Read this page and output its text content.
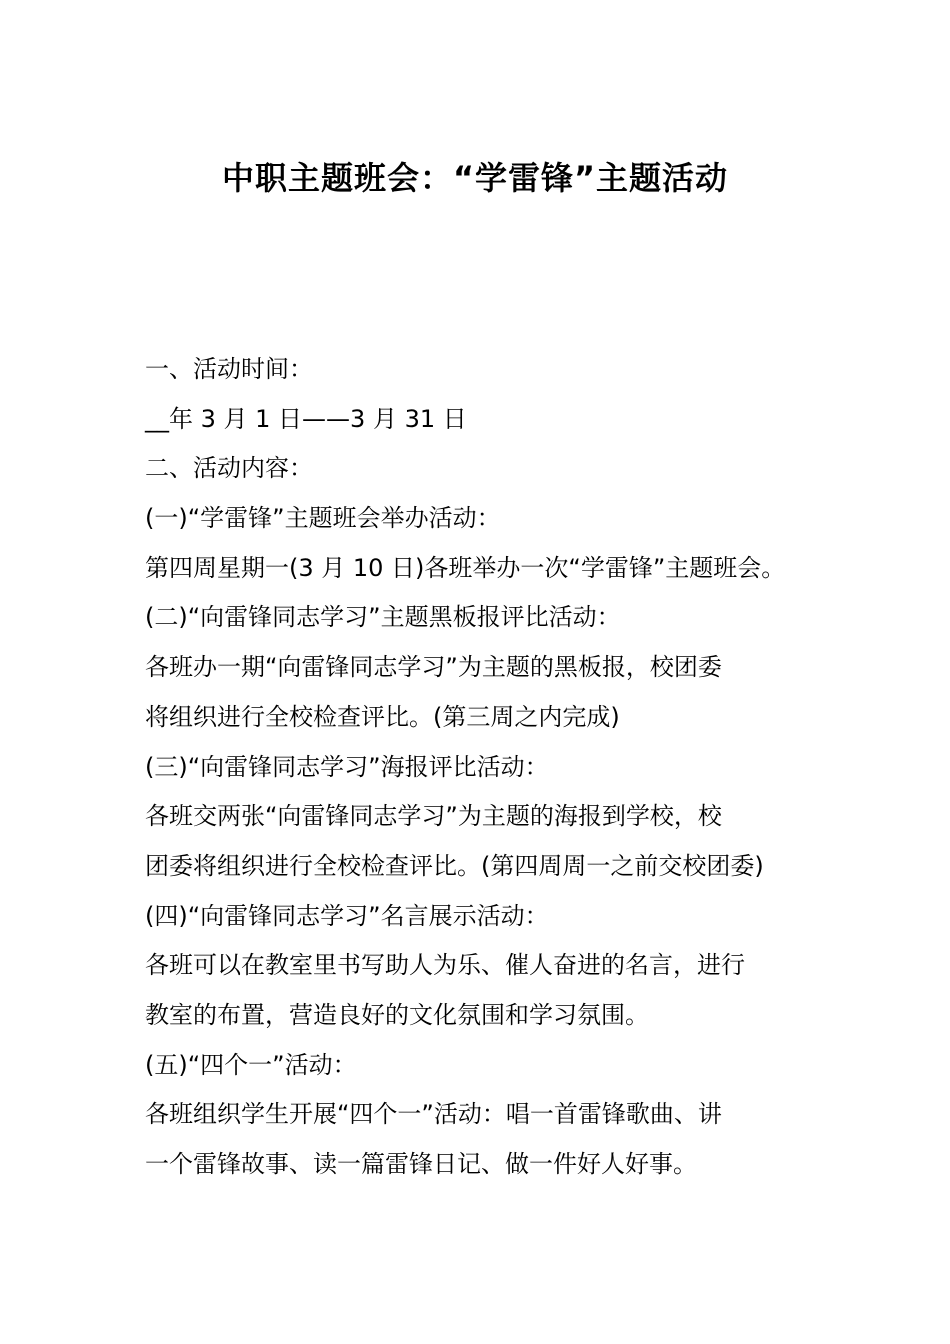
中职主题班会：“学雷锋”主题活动

一、活动时间：

__年 3 月 1 日——3 月 31 日

二、活动内容：

(一)“学雷锋”主题班会举办活动：

第四周星期一(3 月 10 日)各班举办一次“学雷锋”主题班会。

(二)“向雷锋同志学习”主题黑板报评比活动：

各班办一期“向雷锋同志学习”为主题的黑板报，校团委

将组织进行全校检查评比。(第三周之内完成)

(三)“向雷锋同志学习”海报评比活动：

各班交两张“向雷锋同志学习”为主题的海报到学校，校

团委将组织进行全校检查评比。(第四周周一之前交校团委)

(四)“向雷锋同志学习”名言展示活动：

各班可以在教室里书写助人为乐、催人奋进的名言，进行

教室的布置，营造良好的文化氛围和学习氛围。

(五)“四个一”活动：

各班组织学生开展“四个一”活动：唱一首雷锋歌曲、讲

一个雷锋故事、读一篇雷锋日记、做一件好人好事。
